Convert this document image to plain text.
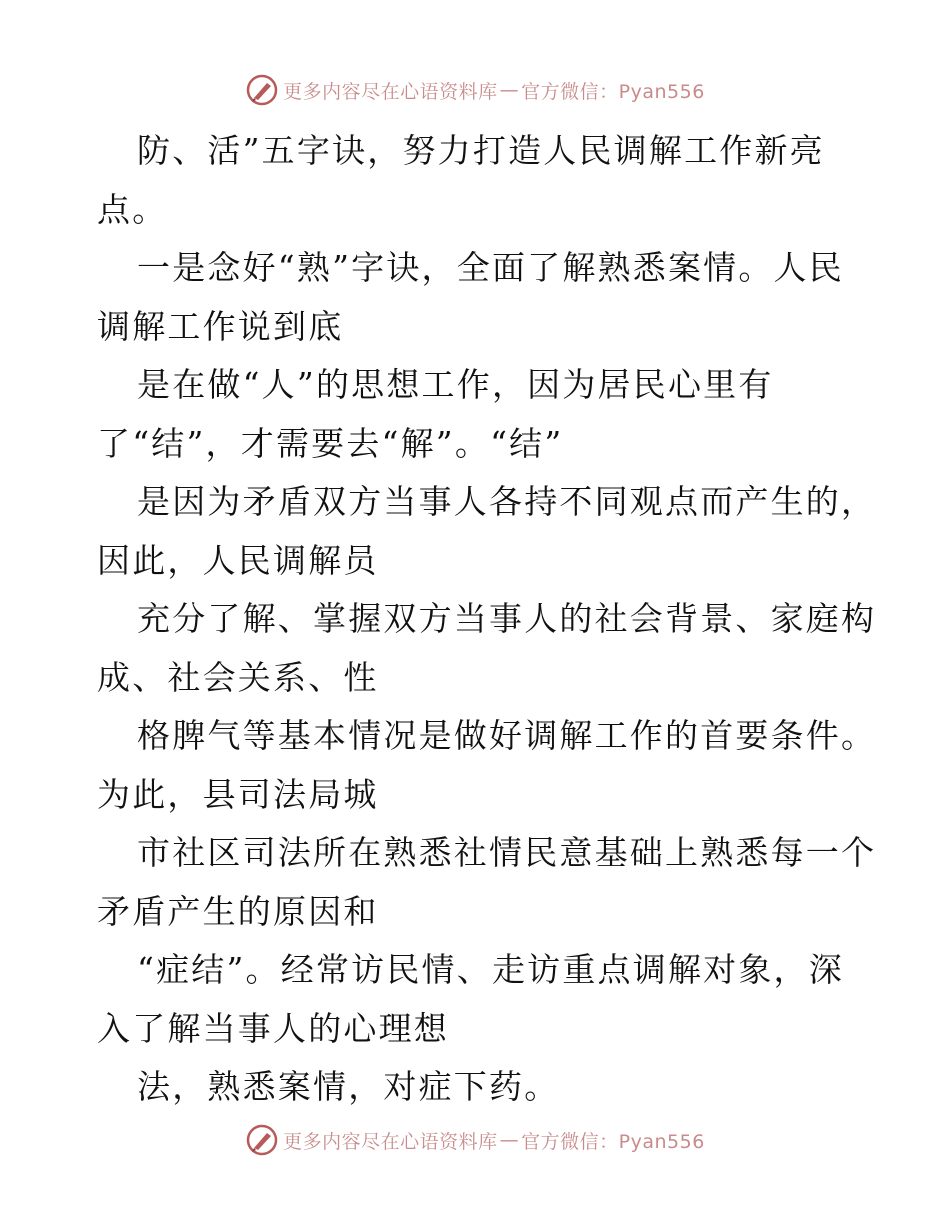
更多内容尽在心语资料库 — 官方微信：Pyan556
防、活”五字诀，努力打造人民调解工作新亮
点。
一是念好“熟”字诀，全面了解熟悉案情。人民
调解工作说到底
是在做“人”的思想工作，因为居民心里有
了“结”，才需要去“解”。“结”
是因为矛盾双方当事人各持不同观点而产生的，
因此，人民调解员
充分了解、掌握双方当事人的社会背景、家庭构
成、社会关系、性
格脾气等基本情况是做好调解工作的首要条件。
为此，县司法局城
市社区司法所在熟悉社情民意基础上熟悉每一个
矛盾产生的原因和
“症结”。经常访民情、走访重点调解对象，深
入了解当事人的心理想
法，熟悉案情，对症下药。
更多内容尽在心语资料库 — 官方微信：Pyan556
